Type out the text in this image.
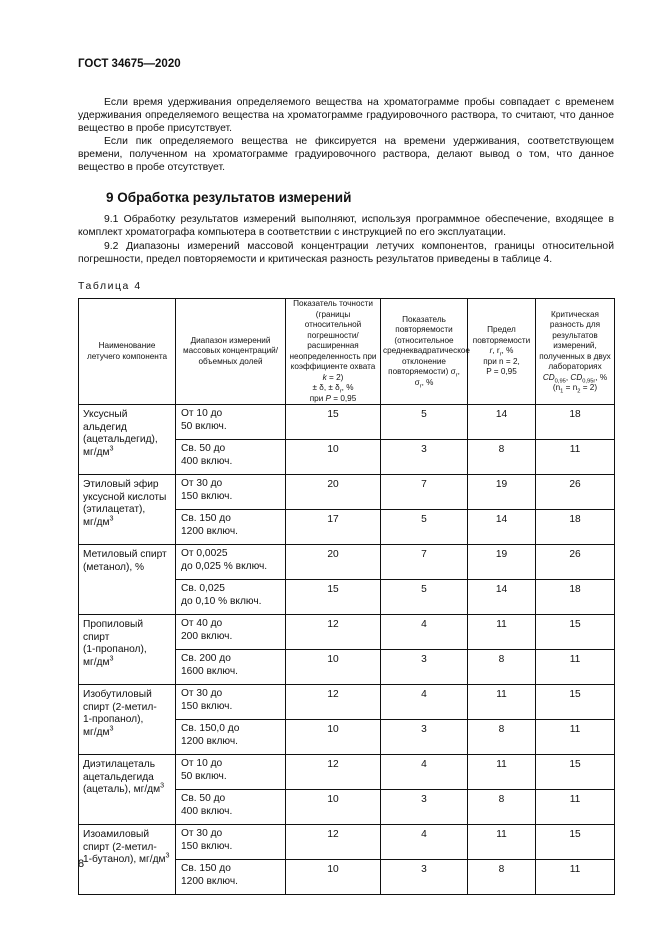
ГОСТ 34675—2020

Если время удерживания определяемого вещества на хроматограмме пробы совпадает с временем удерживания определяемого вещества на хроматограмме градуировочного раствора, то считают, что данное вещество в пробе присутствует.

Если пик определяемого вещества не фиксируется на времени удерживания, соответствующем времени, полученном на хроматограмме градуировочного раствора, делают вывод о том, что данное вещество в пробе отсутствует.

9 Обработка результатов измерений

9.1 Обработку результатов измерений выполняют, используя программное обеспечение, входящее в комплект хроматографа компьютера в соответствии с инструкцией по его эксплуатации.

9.2 Диапазоны измерений массовой концентрации летучих компонентов, границы относительной погрешности, предел повторяемости и критическая разность результатов приведены в таблице 4.

Таблица 4
Наименование летучего компонента	Диапазон измерений массовых концентраций/ объемных долей	Показатель точности (границы относительной погрешности/расширенная неопределенность при коэффициенте охвата k = 2)
± δ, ± $\delta_r$, %
при P = 0,95	Показатель повторяемости (относительное среднеквадратическое отклонение повторяемости) $\sigma_r$, $\sigma_r$, %	Предел повторяемости r, $r_r$, %
при n = 2,
P = 0,95	Критическая разность для результатов измерений, полученных в двух лабораториях $CD_{0,95}$, $CD_{0,95r}$, %
$(n_1 = n_2 = 2)$
Уксусный альдегид
(ацетальдегид),
$мг/дм^3$	От 10 до
50 включ.	15	5	14	18
	Св. 50 до
400 включ.	10	3	8	11
Этиловый эфир
уксусной кислоты
(этилацетат),
$мг/дм^3$	От 30 до
150 включ.	20	7	19	26
	Св. 150 до
1200 включ.	17	5	14	18
Метиловый спирт
(метанол), %	От 0,0025
до 0,025 % включ.	20	7	19	26
	Св. 0,025
до 0,10 % включ.	15	5	14	18
Пропиловый спирт
(1-пропанол),
$мг/дм^3$	От 40 до
200 включ.	12	4	11	15
	Св. 200 до
1600 включ.	10	3	8	11
Изобутиловый
спирт (2-метил-
1-пропанол),
$мг/дм^3$	От 30 до
150 включ.	12	4	11	15
	Св. 150,0 до
1200 включ.	10	3	8	11
Диэтилацеталь
ацетальдегида
(ацеталь), $мг/дм^3$	От 10 до
50 включ.	12	4	11	15
	Св. 50 до
400 включ.	10	3	8	11
Изоамиловый
спирт (2-метил-
1-бутанол), $мг/дм^3$	От 30 до
150 включ.	12	4	11	15
	Св. 150 до
1200 включ.	10	3	8	11
8
